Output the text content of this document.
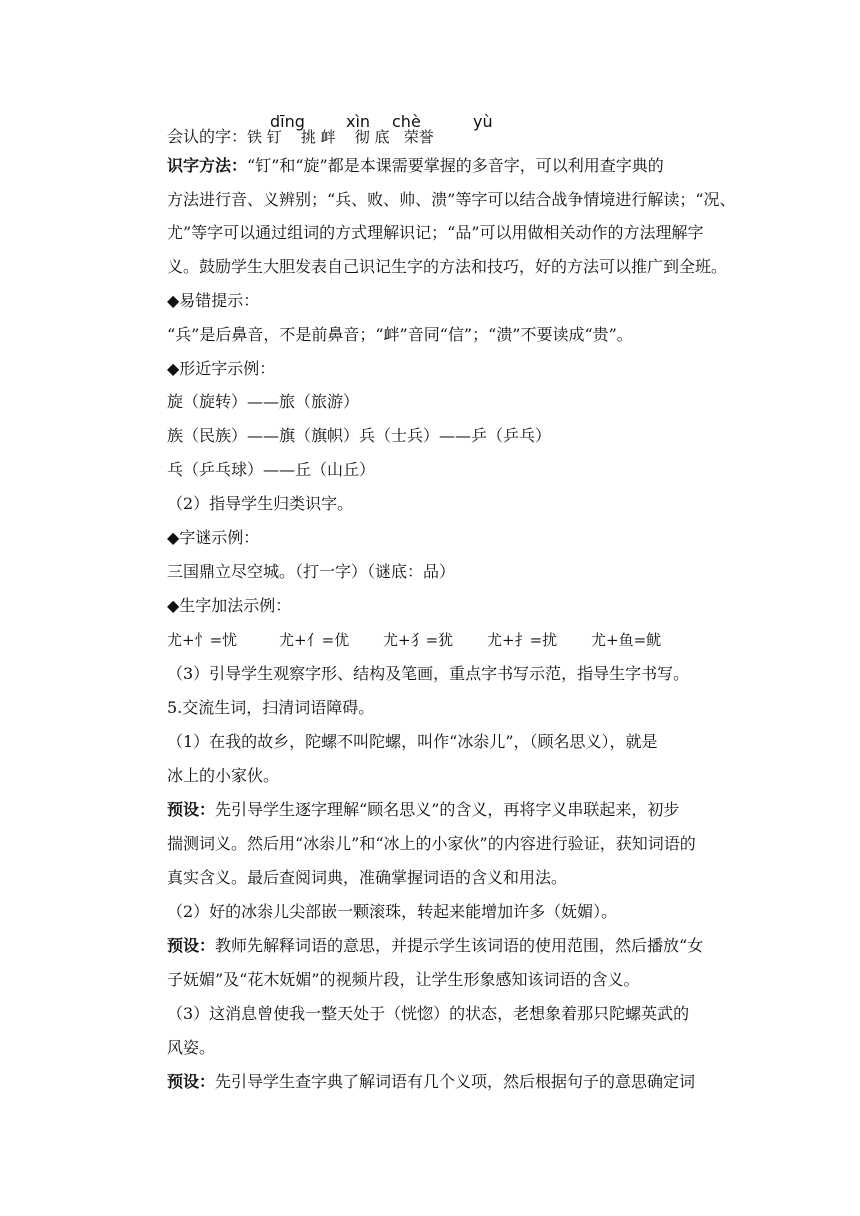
dīng	xìn chè	yù
会认的字：铁 钉    挑 衅    彻 底   荣誉
识字方法：“钉”和“旋”都是本课需要掌握的多音字，可以利用查字典的
方法进行音、义辨别；“兵、败、帅、溃”等字可以结合战争情境进行解读；“况、
尤”等字可以通过组词的方式理解识记；“品”可以用做相关动作的方法理解字
义。鼓励学生大胆发表自己识记生字的方法和技巧，好的方法可以推广到全班。
◆易错提示：
“兵”是后鼻音，不是前鼻音；“衅”音同“信”；“溃”不要读成“贵”。
◆形近字示例：
旋（旋转）——旅（旅游）
族（民族）——旗（旗帜）兵（士兵）——乒（乒乓）
乓（乒乓球）——丘（山丘）
（2）指导学生归类识字。
◆字谜示例：
三国鼎立尽空城。（打一字）（谜底：品）
◆生字加法示例：
尤+忄=忧	尤+亻=优 尤+犭=犹 尤+扌=扰 尤+鱼=鱿
（3）引导学生观察字形、结构及笔画，重点字书写示范，指导生字书写。
5.交流生词，扫清词语障碍。
（1）在我的故乡，陀螺不叫陀螺，叫作“冰尜儿”，（顾名思义），就是
冰上的小家伙。
预设：先引导学生逐字理解“顾名思义”的含义，再将字义串联起来，初步
揣测词义。然后用“冰尜儿”和“冰上的小家伙”的内容进行验证，获知词语的
真实含义。最后查阅词典，准确掌握词语的含义和用法。
（2）好的冰尜儿尖部嵌一颗滚珠，转起来能增加许多（妩媚）。
预设：教师先解释词语的意思，并提示学生该词语的使用范围，然后播放“女
子妩媚”及“花木妩媚”的视频片段，让学生形象感知该词语的含义。
（3）这消息曾使我一整天处于（恍惚）的状态，老想象着那只陀螺英武的
风姿。
预设：先引导学生查字典了解词语有几个义项，然后根据句子的意思确定词
